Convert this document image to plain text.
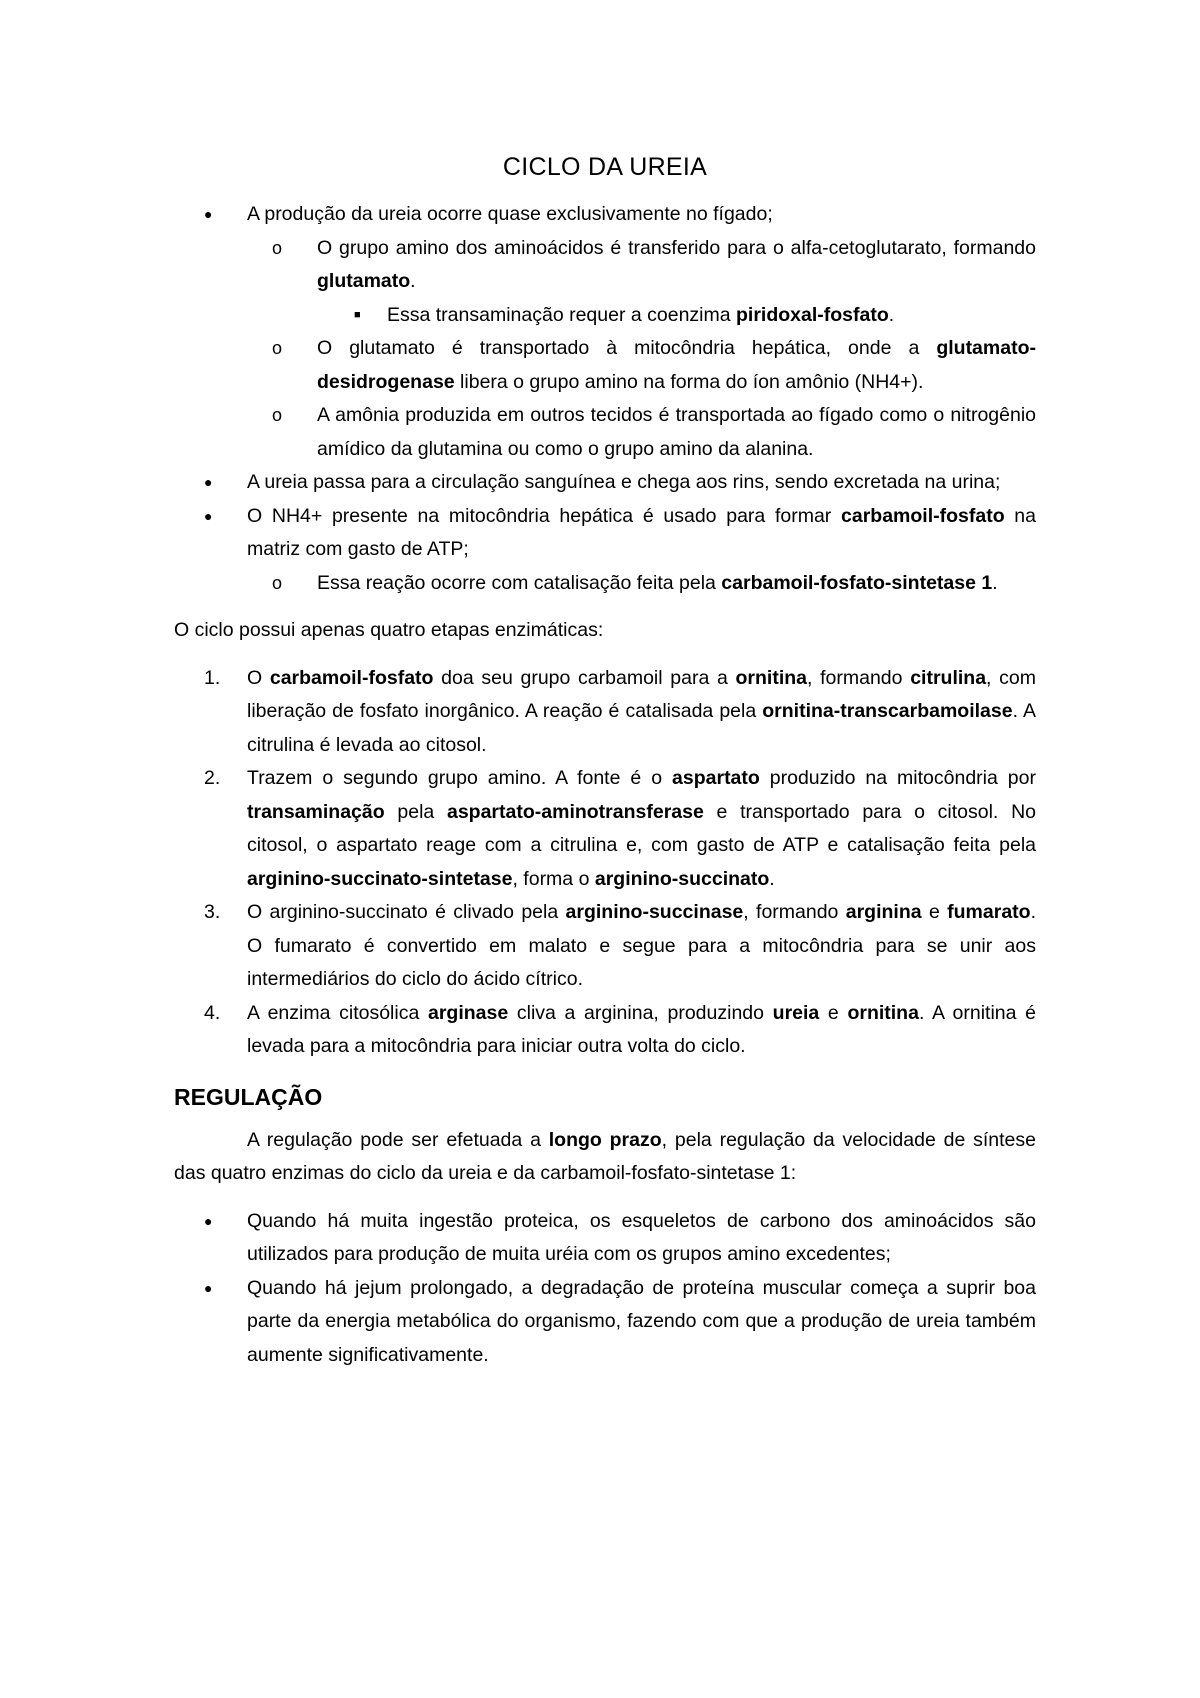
CICLO DA UREIA
● A produção da ureia ocorre quase exclusivamente no fígado;
o O grupo amino dos aminoácidos é transferido para o alfa-cetoglutarato, formando glutamato.
■ Essa transaminação requer a coenzima piridoxal-fosfato.
o O glutamato é transportado à mitocôndria hepática, onde a glutamato-desidrogenase libera o grupo amino na forma do íon amônio (NH4+).
o A amônia produzida em outros tecidos é transportada ao fígado como o nitrogênio amídico da glutamina ou como o grupo amino da alanina.
● A ureia passa para a circulação sanguínea e chega aos rins, sendo excretada na urina;
● O NH4+ presente na mitocôndria hepática é usado para formar carbamoil-fosfato na matriz com gasto de ATP;
o Essa reação ocorre com catalisação feita pela carbamoil-fosfato-sintetase 1.

O ciclo possui apenas quatro etapas enzimáticas:

1. O carbamoil-fosfato doa seu grupo carbamoil para a ornitina, formando citrulina, com liberação de fosfato inorgânico. A reação é catalisada pela ornitina-transcarbamoilase. A citrulina é levada ao citosol.
2. Trazem o segundo grupo amino. A fonte é o aspartato produzido na mitocôndria por transaminação pela aspartato-aminotransferase e transportado para o citosol. No citosol, o aspartato reage com a citrulina e, com gasto de ATP e catalisação feita pela arginino-succinato-sintetase, forma o arginino-succinato.
3. O arginino-succinato é clivado pela arginino-succinase, formando arginina e fumarato. O fumarato é convertido em malato e segue para a mitocôndria para se unir aos intermediários do ciclo do ácido cítrico.
4. A enzima citosólica arginase cliva a arginina, produzindo ureia e ornitina. A ornitina é levada para a mitocôndria para iniciar outra volta do ciclo.
REGULAÇÃO

A regulação pode ser efetuada a longo prazo, pela regulação da velocidade de síntese das quatro enzimas do ciclo da ureia e da carbamoil-fosfato-sintetase 1:

● Quando há muita ingestão proteica, os esqueletos de carbono dos aminoácidos são utilizados para produção de muita uréia com os grupos amino excedentes;
● Quando há jejum prolongado, a degradação de proteína muscular começa a suprir boa parte da energia metabólica do organismo, fazendo com que a produção de ureia também aumente significativamente.
